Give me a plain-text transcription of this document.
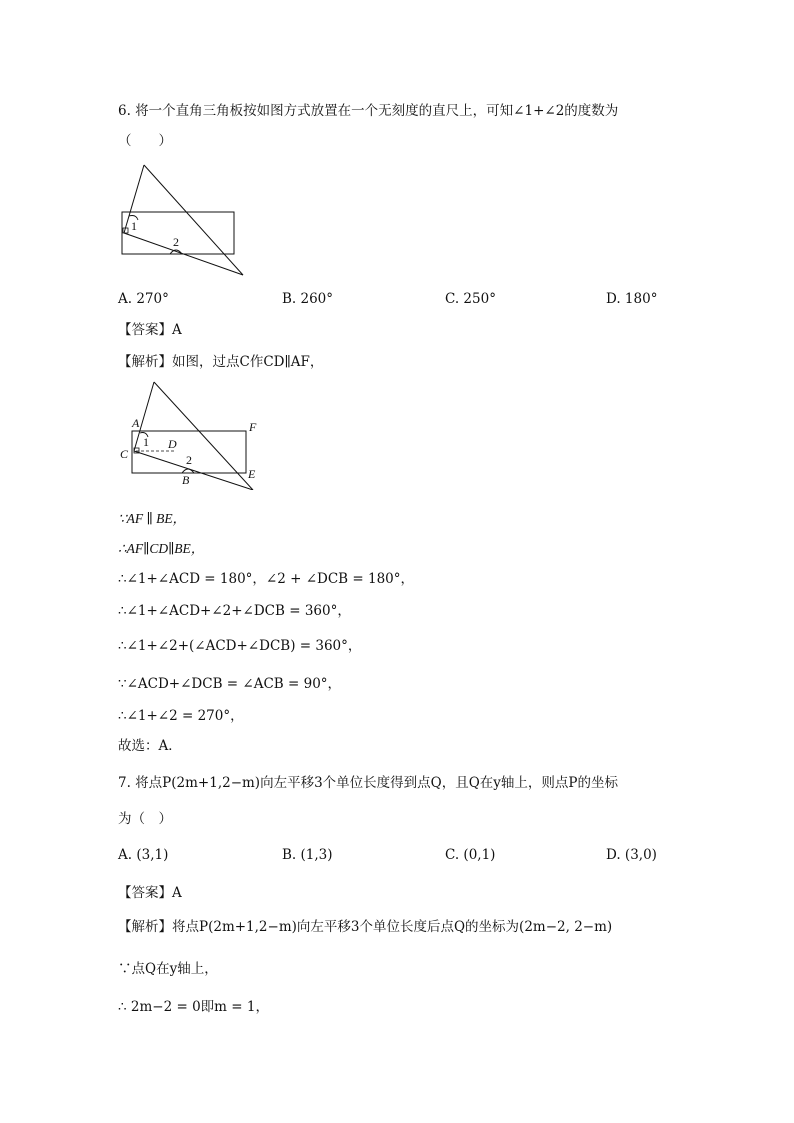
6. 将一个直角三角板按如图方式放置在一个无刻度的直尺上，可知∠1+∠2的度数为
（　　）
1
2
A. 270°	B. 260°	C. 250°	D. 180°
【答案】A
【解析】如图，过点C作CD∥AF，
A
C
D
F
E
B
1
2
∵AF ∥ BE，
∴AF∥CD∥BE，
∴∠1+∠ACD = 180°，∠2 + ∠DCB = 180°，
∴∠1+∠ACD+∠2+∠DCB = 360°，
∴∠1+∠2+(∠ACD+∠DCB) = 360°，
∵∠ACD+∠DCB = ∠ACB = 90°，
∴∠1+∠2 = 270°，
故选：A．
7. 将点P(2m+1,2−m)向左平移3个单位长度得到点Q，且Q在y轴上，则点P的坐标
为（　）
A. (3,1)	B. (1,3)	C. (0,1)	D. (3,0)
【答案】A
【解析】将点P(2m+1,2−m)向左平移3个单位长度后点Q的坐标为(2m−2, 2−m)
∵点Q在y轴上，
∴ 2m−2 = 0即m = 1，
